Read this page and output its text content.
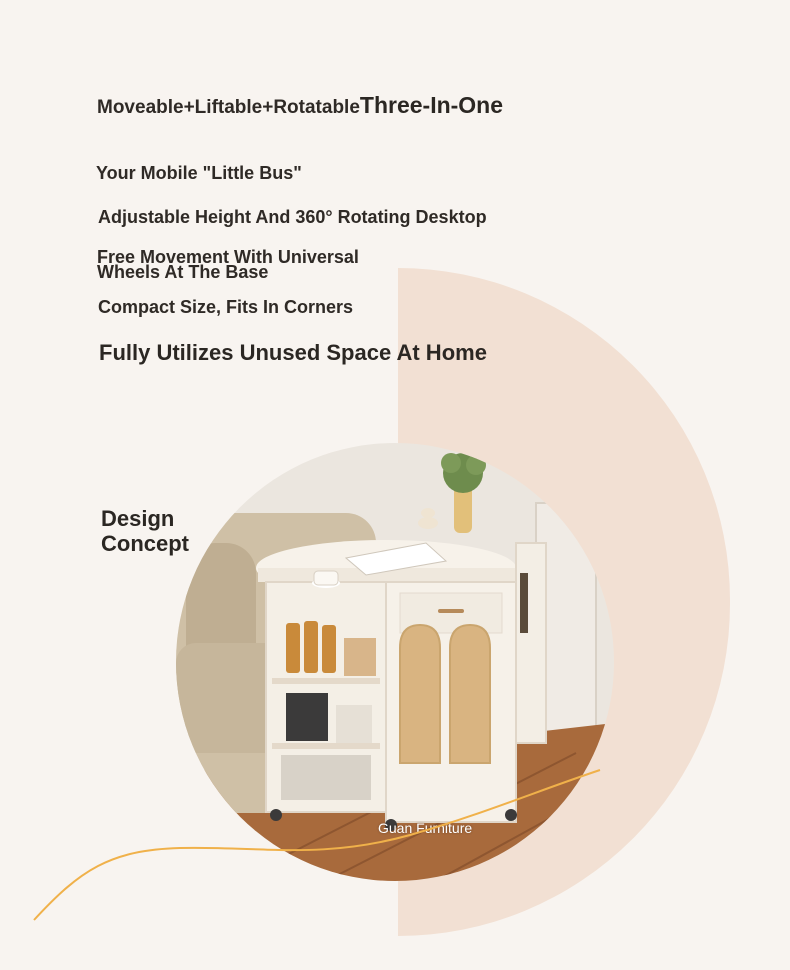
Moveable+Liftable+RotatableThree-In-One
Your Mobile "Little Bus"
Adjustable Height And 360° Rotating Desktop
Free Movement With Universal Wheels At The Base
Compact Size, Fits In Corners
Fully Utilizes Unused Space At Home
Design
Concept
Guan Furniture
